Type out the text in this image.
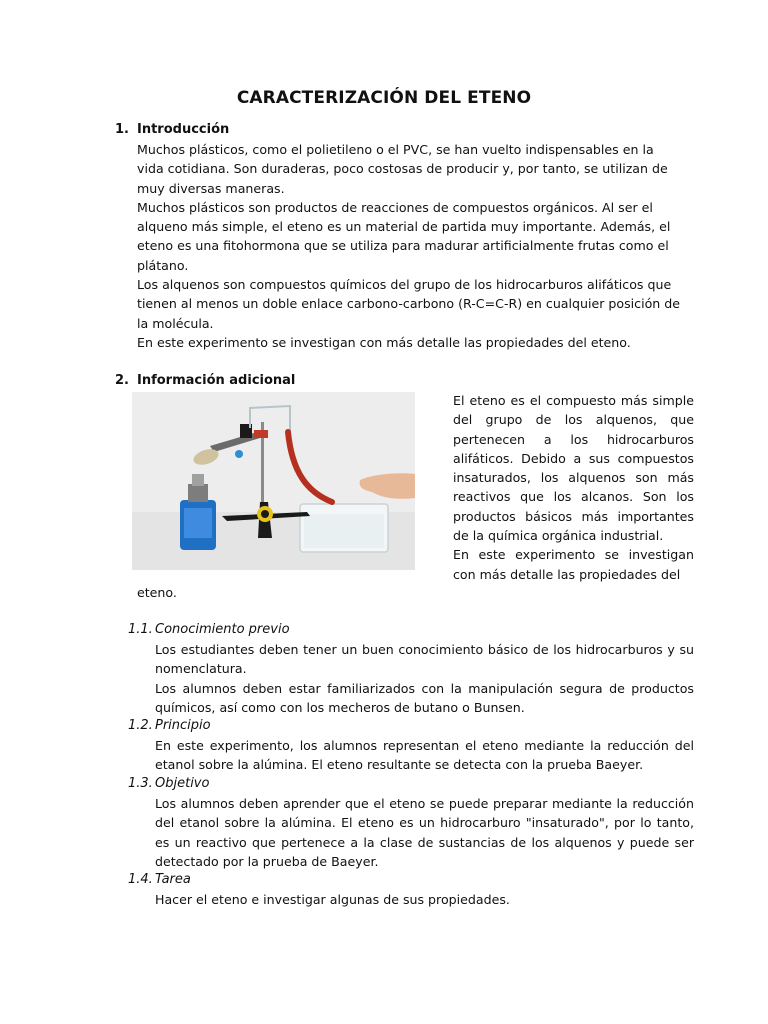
CARACTERIZACIÓN DEL ETENO
1. Introducción

Muchos plásticos, como el polietileno o el PVC, se han vuelto indispensables en la vida cotidiana. Son duraderas, poco costosas de producir y, por tanto, se utilizan de muy diversas maneras.

Muchos plásticos son productos de reacciones de compuestos orgánicos. Al ser el alqueno más simple, el eteno es un material de partida muy importante. Además, el eteno es una fitohormona que se utiliza para madurar artificialmente frutas como el plátano.

Los alquenos son compuestos químicos del grupo de los hidrocarburos alifáticos que tienen al menos un doble enlace carbono-carbono (R-C=C-R) en cualquier posición de la molécula.

En este experimento se investigan con más detalle las propiedades del eteno.

2. Información adicional

El eteno es el compuesto más simple del grupo de los alquenos, que pertenecen a los hidrocarburos alifáticos. Debido a sus compuestos insaturados, los alquenos son más reactivos que los alcanos. Son los productos básicos más importantes de la química orgánica industrial.

En este experimento se investigan con más detalle las propiedades del

eteno.
1.1. Conocimiento previo

Los estudiantes deben tener un buen conocimiento básico de los hidrocarburos y su nomenclatura.

Los alumnos deben estar familiarizados con la manipulación segura de productos químicos, así como con los mecheros de butano o Bunsen.

1.2. Principio

En este experimento, los alumnos representan el eteno mediante la reducción del etanol sobre la alúmina. El eteno resultante se detecta con la prueba Baeyer.

1.3. Objetivo

Los alumnos deben aprender que el eteno se puede preparar mediante la reducción del etanol sobre la alúmina. El eteno es un hidrocarburo "insaturado", por lo tanto, es un reactivo que pertenece a la clase de sustancias de los alquenos y puede ser detectado por la prueba de Baeyer.

1.4. Tarea

Hacer el eteno e investigar algunas de sus propiedades.
